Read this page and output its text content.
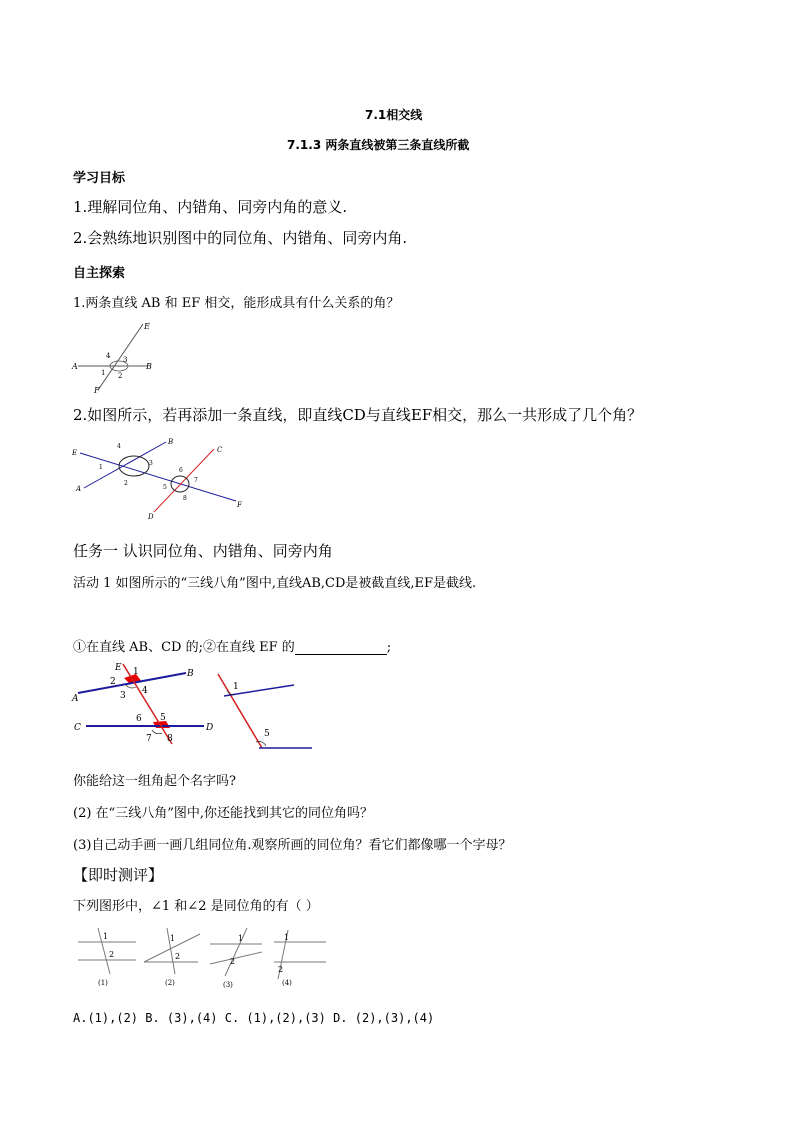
7.1相交线
7.1.3 两条直线被第三条直线所截
学习目标
1.理解同位角、内错角、同旁内角的意义.
2.会熟练地识别图中的同位角、内错角、同旁内角.
自主探索
1.两条直线 AB 和 EF 相交，能形成具有什么关系的角？
E
A	B
F
1 2
3
4
2.如图所示，若再添加一条直线，即直线CD与直线EF相交，那么一共形成了几个角？
E
A
B
F
C
D
1
2
3
4
5
6
7
8
任务一 认识同位角、内错角、同旁内角
活动 1 如图所示的“三线八角”图中,直线AB,CD是被截直线,EF是截线.
①在直线 AB、CD 的;②在直线 EF 的	;
E 1	B
2
3 4
A
C
6 5
D
7 8
1
5
你能给这一组角起个名字吗?
(2) 在“三线八角”图中,你还能找到其它的同位角吗？
(3)自己动手画一画几组同位角.观察所画的同位角？看它们都像哪一个字母？
【即时测评】
下列图形中，∠1 和∠2 是同位角的有（ ）
1
2
(1)
1
2
(2)
1
2
(3)
1
2
(4)
A.(1),(2) B. (3),(4) C. (1),(2),(3) D. (2),(3),(4)
